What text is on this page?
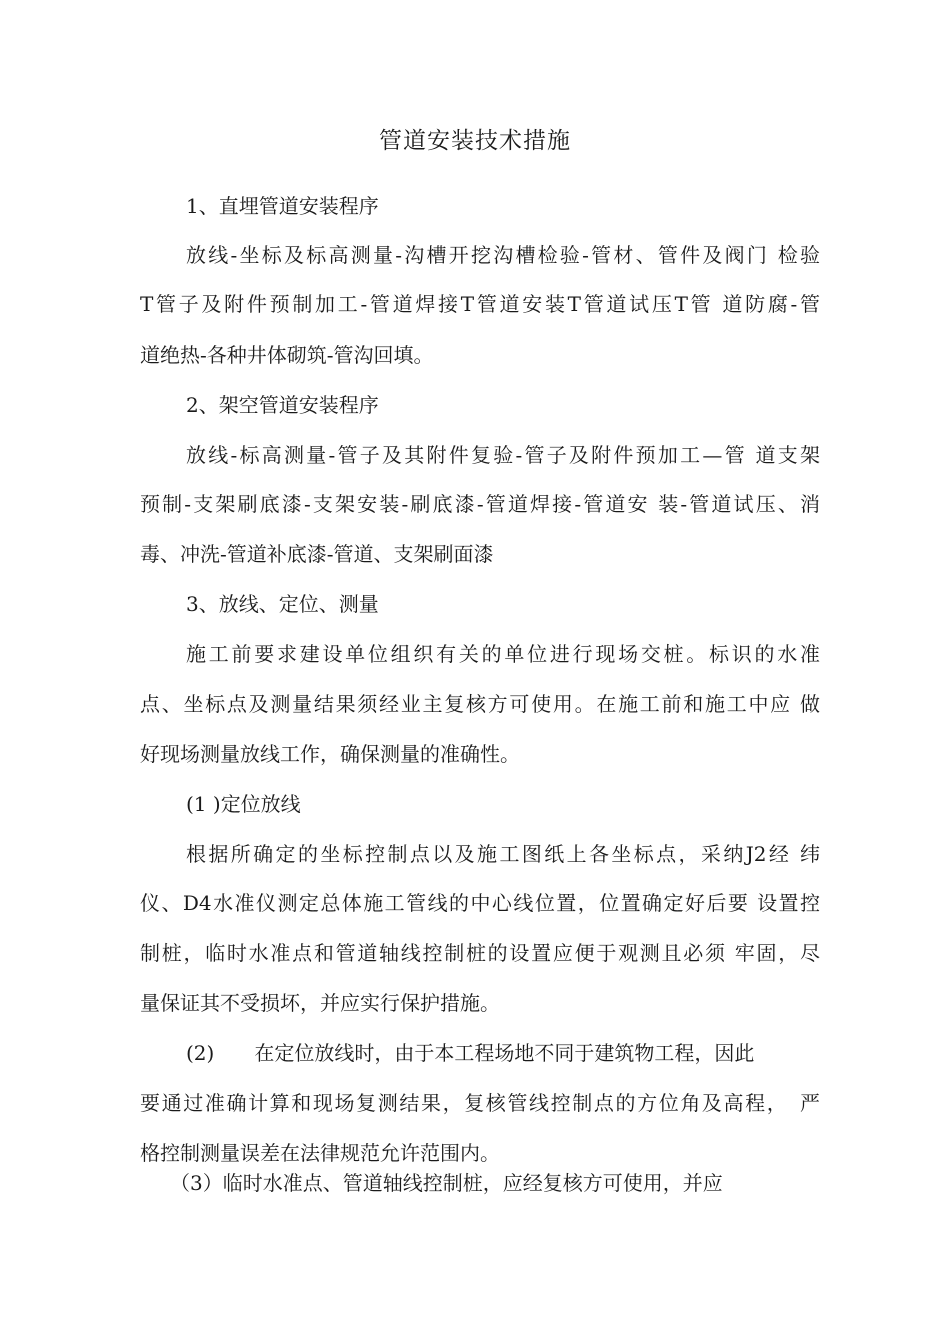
管道安装技术措施
1、直埋管道安装程序
放线-坐标及标高测量-沟槽开挖沟槽检验-管材、管件及阀门 检验
T管子及附件预制加工-管道焊接T管道安装T管道试压T管 道防腐-管
道绝热-各种井体砌筑-管沟回填。
2、架空管道安装程序
放线-标高测量-管子及其附件复验-管子及附件预加工—管 道支架
预制-支架刷底漆-支架安装-刷底漆-管道焊接-管道安 装-管道试压、消
毒、冲洗-管道补底漆-管道、支架刷面漆
3、放线、定位、测量
施工前要求建设单位组织有关的单位进行现场交桩。标识的水准
点、坐标点及测量结果须经业主复核方可使用。在施工前和施工中应 做
好现场测量放线工作，确保测量的准确性。
(1 )定位放线
根据所确定的坐标控制点以及施工图纸上各坐标点，采纳J2经 纬
仪、D4水准仪测定总体施工管线的中心线位置，位置确定好后要 设置控
制桩，临时水准点和管道轴线控制桩的设置应便于观测且必须 牢固，尽
量保证其不受损坏，并应实行保护措施。
(2)　　在定位放线时，由于本工程场地不同于建筑物工程，因此
要通过准确计算和现场复测结果，复核管线控制点的方位角及高程，　严
格控制测量误差在法律规范允许范围内。
（3）临时水准点、管道轴线控制桩，应经复核方可使用，并应
